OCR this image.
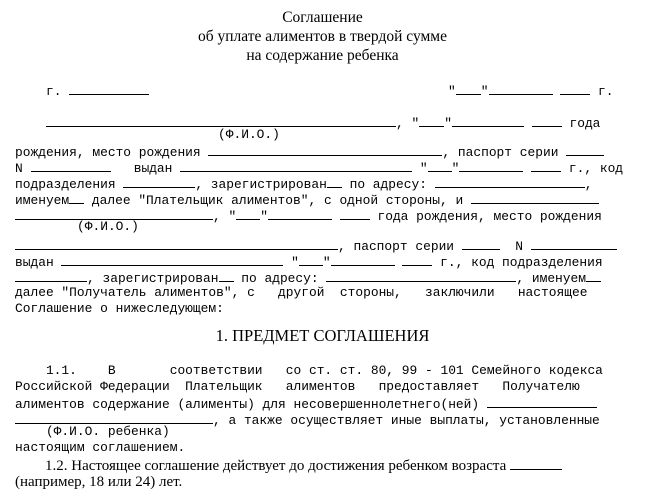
Соглашение
об уплате алиментов в твердой сумме
на содержание ребенка
г.	" "	г.
, " "	года
(Ф.И.О.)
рождения, место рождения	, паспорт серии
N	выдан	" "	г., код
подразделения	, зарегистрирован по адресу:	,
именуем далее "Плательщик алиментов", с одной стороны, и
, " "	года рождения, место рождения
(Ф.И.О.)
, паспорт серии	N
выдан	" "	г., код подразделения
, зарегистрирован по адресу:	, именуем
далее "Получатель алиментов", с   другой  стороны,   заключили   настоящее
Соглашение о нижеследующем:
1. ПРЕДМЕТ СОГЛАШЕНИЯ
1.1.    В       соответствии   со ст. ст. 80, 99 - 101 Семейного кодекса
Российской Федерации  Плательщик   алиментов   предоставляет   Получателю
алиментов содержание (алименты) для несовершеннолетнего(ней)
, а также осуществляет иные выплаты, установленные
(Ф.И.О. ребенка)
настоящим соглашением.
1.2. Настоящее соглашение действует до достижения ребенком возраста
(например, 18 или 24) лет.
